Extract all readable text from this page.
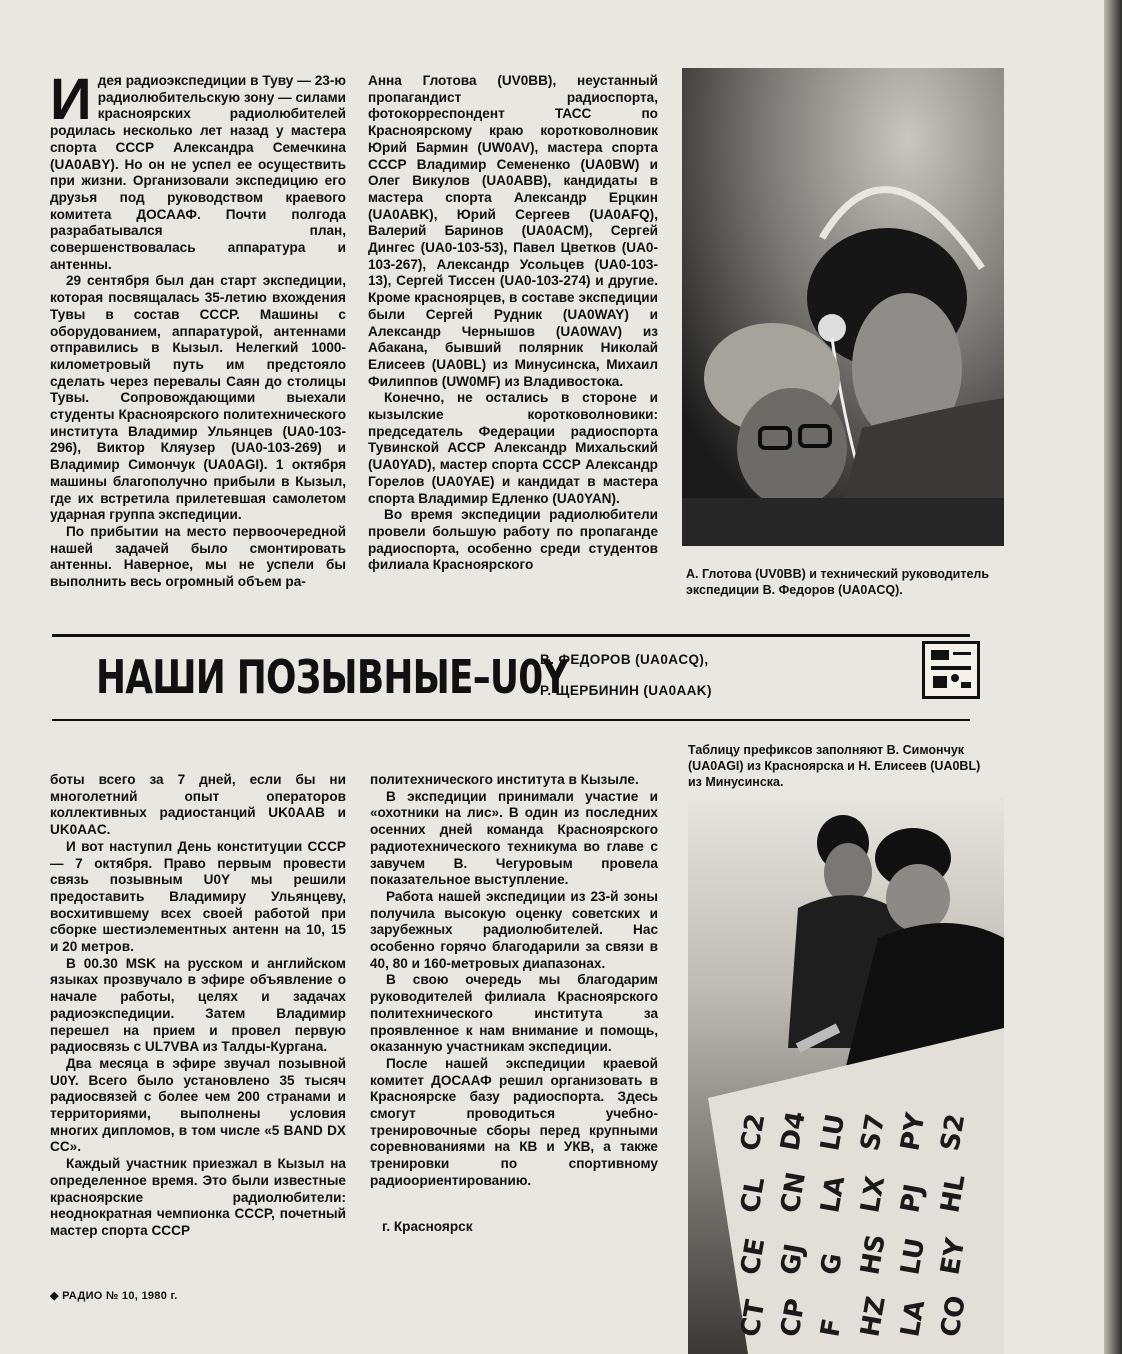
Идея радиоэкспедиции в Туву — 23-ю радиолюбительскую зону — силами красноярских радиолюбителей родилась несколько лет назад у мастера спорта СССР Александра Семечкина (UA0ABY). Но он не успел ее осуществить при жизни. Организовали экспедицию его друзья под руководством краевого комитета ДОСААФ. Почти полгода разрабатывался план, совершенствовалась аппаратура и антенны.

29 сентября был дан старт экспедиции, которая посвящалась 35-летию вхождения Тувы в состав СССР. Машины с оборудованием, аппаратурой, антеннами отправились в Кызыл. Нелегкий 1000-километровый путь им предстояло сделать через перевалы Саян до столицы Тувы. Сопровождающими выехали студенты Красноярского политехнического института Владимир Ульянцев (UA0-103-296), Виктор Кляузер (UA0-103-269) и Владимир Симончук (UA0AGI). 1 октября машины благополучно прибыли в Кызыл, где их встретила прилетевшая самолетом ударная группа экспедиции.

По прибытии на место первоочередной нашей задачей было смонтировать антенны. Наверное, мы не успели бы выполнить весь огромный объем ра-

Анна Глотова (UV0BB), неустанный пропагандист радиоспорта, фотокорреспондент ТАСС по Красноярскому краю коротковолновик Юрий Бармин (UW0AV), мастера спорта СССР Владимир Семененко (UA0BW) и Олег Викулов (UA0ABB), кандидаты в мастера спорта Александр Ерцкин (UA0ABK), Юрий Сергеев (UA0AFQ), Валерий Баринов (UA0ACM), Сергей Дингес (UA0-103-53), Павел Цветков (UA0-103-267), Александр Усольцев (UA0-103-13), Сергей Тиссен (UA0-103-274) и другие. Кроме красноярцев, в составе экспедиции были Сергей Рудник (UA0WAY) и Александр Чернышов (UA0WAV) из Абакана, бывший полярник Николай Елисеев (UA0BL) из Минусинска, Михаил Филиппов (UW0MF) из Владивостока.

Конечно, не остались в стороне и кызылские коротковолновики: председатель Федерации радиоспорта Тувинской АССР Александр Михальский (UA0YAD), мастер спорта СССР Александр Горелов (UA0YAE) и кандидат в мастера спорта Владимир Едленко (UA0YAN).

Во время экспедиции радиолюбители провели большую работу по пропаганде радиоспорта, особенно среди студентов филиала Красноярского

А. Глотова (UV0BB) и технический руководитель экспедиции В. Федоров (UA0ACQ).
НАШИ ПОЗЫВНЫЕ–U0Y
В. ФЕДОРОВ (UA0ACQ),
Р. ЩЕРБИНИН (UA0AAK)

боты всего за 7 дней, если бы ни многолетний опыт операторов коллективных радиостанций UK0AAB и UK0AAC.

И вот наступил День конституции СССР — 7 октября. Право первым провести связь позывным U0Y мы решили предоставить Владимиру Ульянцеву, восхитившему всех своей работой при сборке шестиэлементных антенн на 10, 15 и 20 метров.

В 00.30 MSK на русском и английском языках прозвучало в эфире объявление о начале работы, целях и задачах радиоэкспедиции. Затем Владимир перешел на прием и провел первую радиосвязь с UL7VBA из Талды-Кургана.

Два месяца в эфире звучал позывной U0Y. Всего было установлено 35 тысяч радиосвязей с более чем 200 странами и территориями, выполнены условия многих дипломов, в том числе «5 BAND DX CC».

Каждый участник приезжал в Кызыл на определенное время. Это были известные красноярские радиолюбители: неоднократная чемпионка СССР, почетный мастер спорта СССР

политехнического института в Кызыле.

В экспедиции принимали участие и «охотники на лис». В один из последних осенних дней команда Красноярского радиотехнического техникума во главе с завучем В. Чегуровым провела показательное выступление.

Работа нашей экспедиции из 23-й зоны получила высокую оценку советских и зарубежных радиолюбителей. Нас особенно горячо благодарили за связи в 40, 80 и 160-метровых диапазонах.

В свою очередь мы благодарим руководителей филиала Красноярского политехнического института за проявленное к нам внимание и помощь, оказанную участникам экспедиции.

После нашей экспедиции краевой комитет ДОСААФ решил организовать в Красноярске базу радиоспорта. Здесь смогут проводиться учебно-тренировочные сборы перед крупными соревнованиями на КВ и УКВ, а также тренировки по спортивному радиоориентированию.

г. Красноярск
Таблицу префиксов заполняют В. Симончук (UA0AGI) из Красноярска и Н. Елисеев (UA0BL) из Минусинска.
CT
CE
CL
C2
CP
GJ
CN
D4
F
G
LA
LU
HZ
HS
LX
S7
LA
LU
PJ
PY
CO
EY
HL
S2
◆ РАДИО № 10, 1980 г.
